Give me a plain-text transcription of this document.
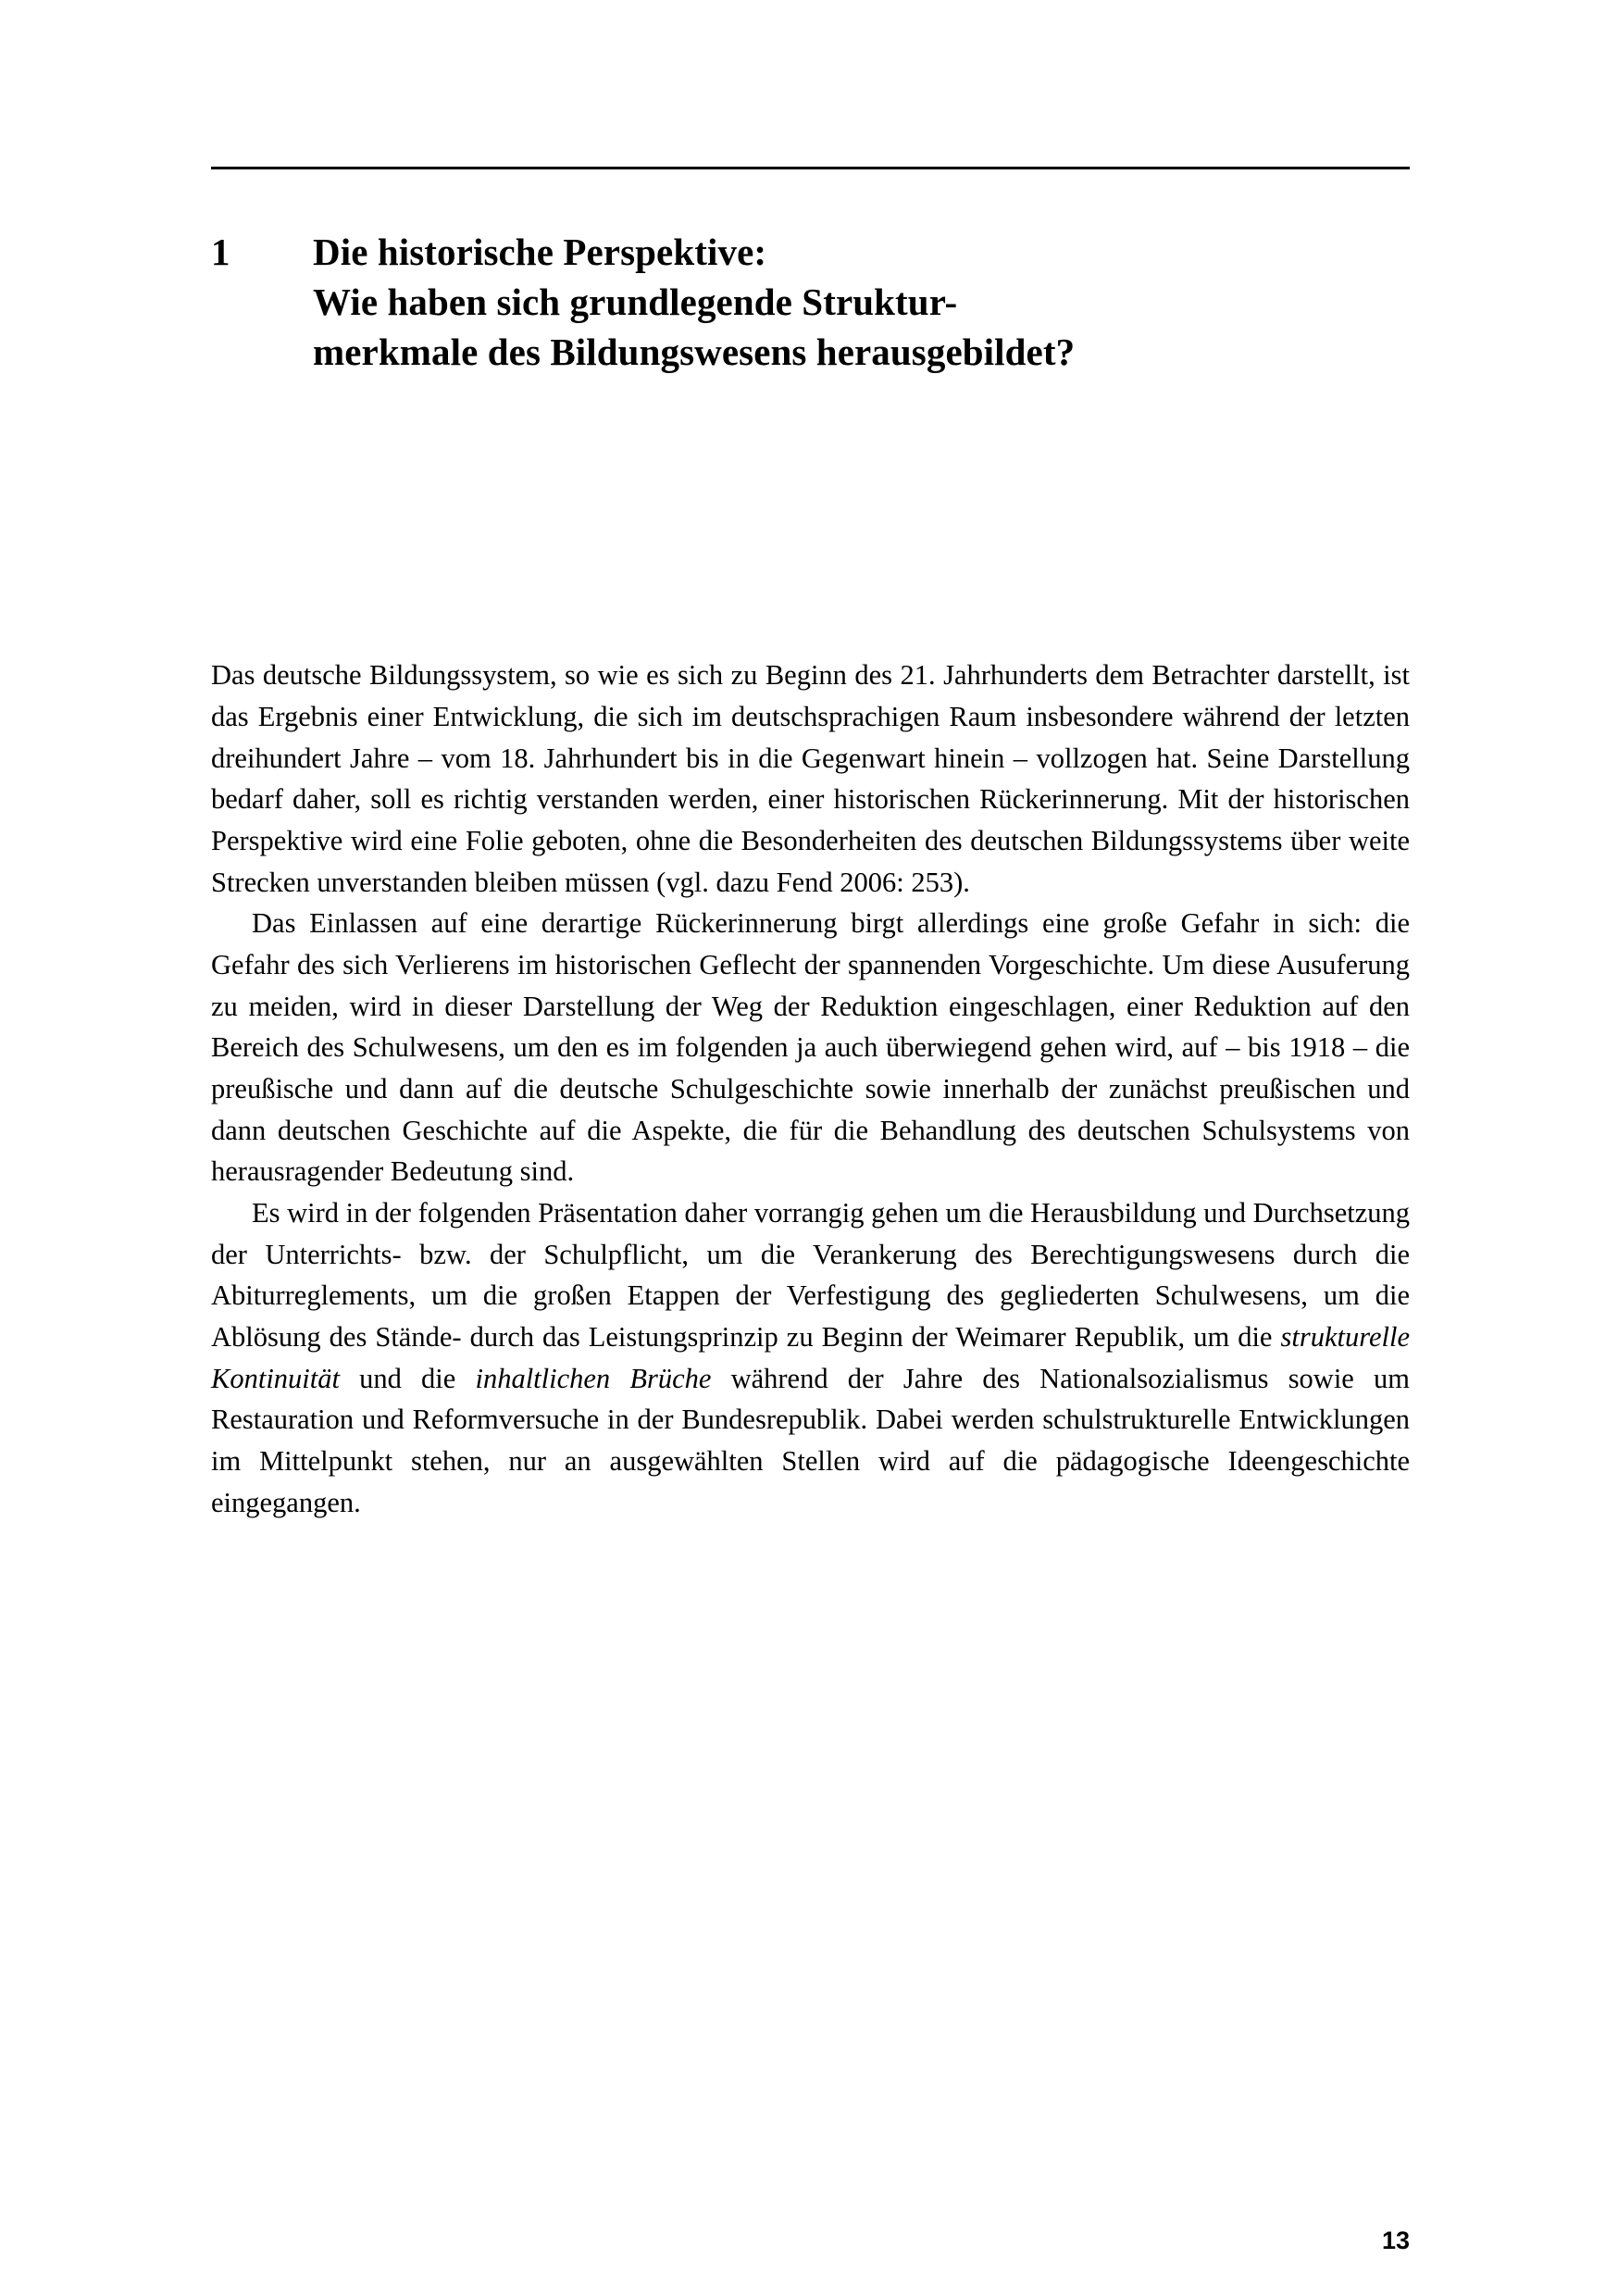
1	Die historische Perspektive:
Wie haben sich grundlegende Struktur-
merkmale des Bildungswesens herausgebildet?

Das deutsche Bildungssystem, so wie es sich zu Beginn des 21. Jahrhunderts dem Betrachter darstellt, ist das Ergebnis einer Entwicklung, die sich im deutschsprachigen Raum insbesondere während der letzten dreihundert Jahre – vom 18. Jahrhundert bis in die Gegenwart hinein – vollzogen hat. Seine Darstellung bedarf daher, soll es richtig verstanden werden, einer historischen Rückerinnerung. Mit der historischen Perspektive wird eine Folie geboten, ohne die Besonderheiten des deutschen Bildungssystems über weite Strecken unverstanden bleiben müssen (vgl. dazu Fend 2006: 253).

Das Einlassen auf eine derartige Rückerinnerung birgt allerdings eine große Gefahr in sich: die Gefahr des sich Verlierens im historischen Geflecht der spannenden Vorgeschichte. Um diese Ausuferung zu meiden, wird in dieser Darstellung der Weg der Reduktion eingeschlagen, einer Reduktion auf den Bereich des Schulwesens, um den es im folgenden ja auch überwiegend gehen wird, auf – bis 1918 – die preußische und dann auf die deutsche Schulgeschichte sowie innerhalb der zunächst preußischen und dann deutschen Geschichte auf die Aspekte, die für die Behandlung des deutschen Schulsystems von herausragender Bedeutung sind.

Es wird in der folgenden Präsentation daher vorrangig gehen um die Herausbildung und Durchsetzung der Unterrichts- bzw. der Schulpflicht, um die Verankerung des Berechtigungswesens durch die Abiturreglements, um die großen Etappen der Verfestigung des gegliederten Schulwesens, um die Ablösung des Stände- durch das Leistungsprinzip zu Beginn der Weimarer Republik, um die strukturelle Kontinuität und die inhaltlichen Brüche während der Jahre des Nationalsozialismus sowie um Restauration und Reformversuche in der Bundesrepublik. Dabei werden schulstrukturelle Entwicklungen im Mittelpunkt stehen, nur an ausgewählten Stellen wird auf die pädagogische Ideengeschichte eingegangen.

13
